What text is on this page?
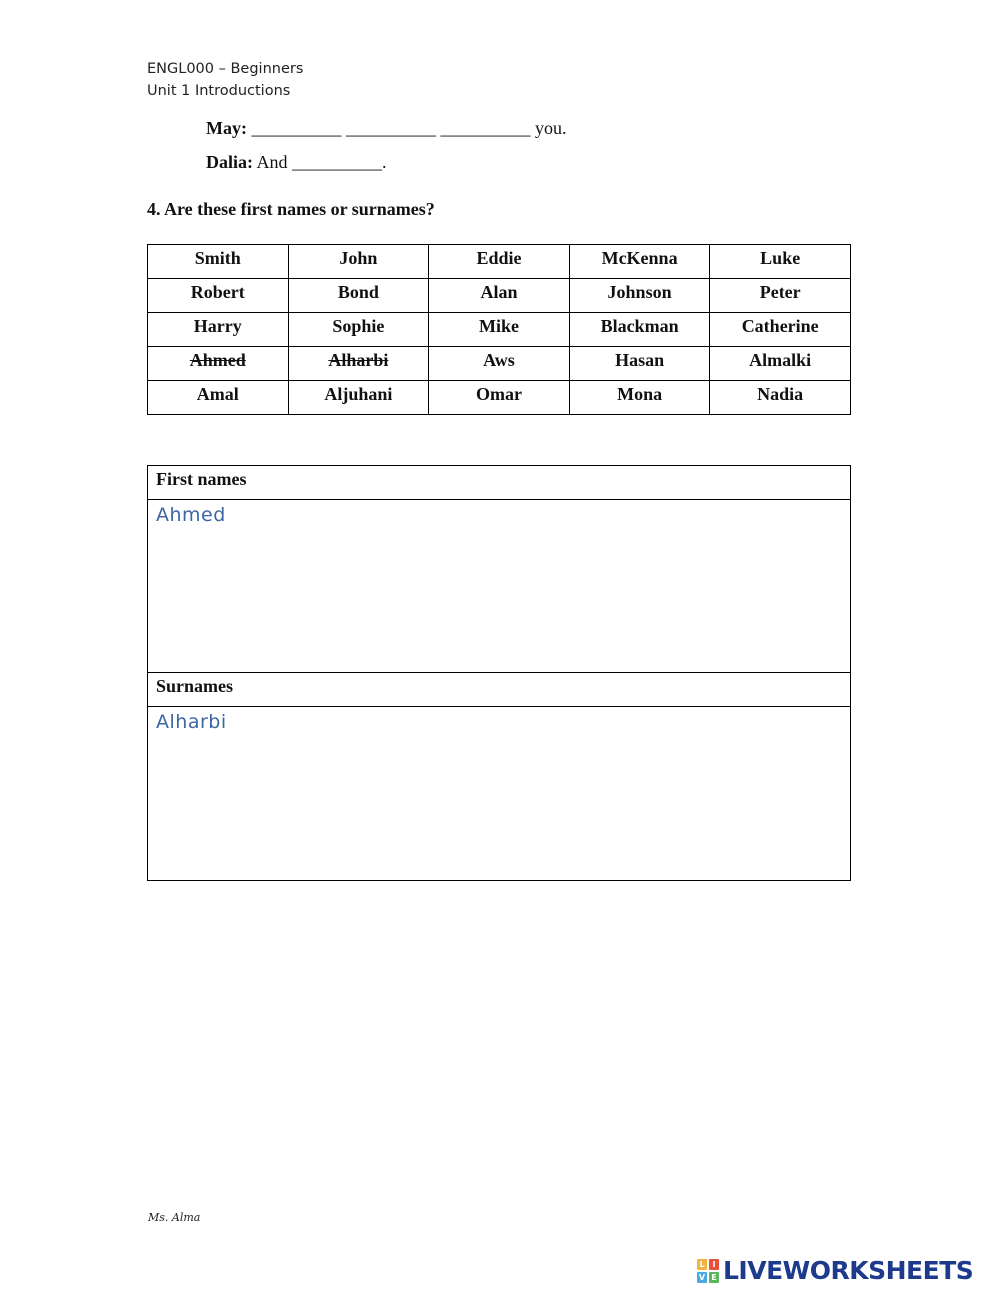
ENGL000 – Beginners
Unit 1 Introductions
May: __________ __________ __________ you.
Dalia: And __________.
4. Are these first names or surnames?
Smith	John	Eddie	McKenna	Luke
Robert	Bond	Alan	Johnson	Peter
Harry	Sophie	Mike	Blackman	Catherine
Ahmed	Alharbi	Aws	Hasan	Almalki
Amal	Aljuhani	Omar	Mona	Nadia
First names
Ahmed
Surnames
Alharbi
Ms. Alma
L I
V E LIVEWORKSHEETS
